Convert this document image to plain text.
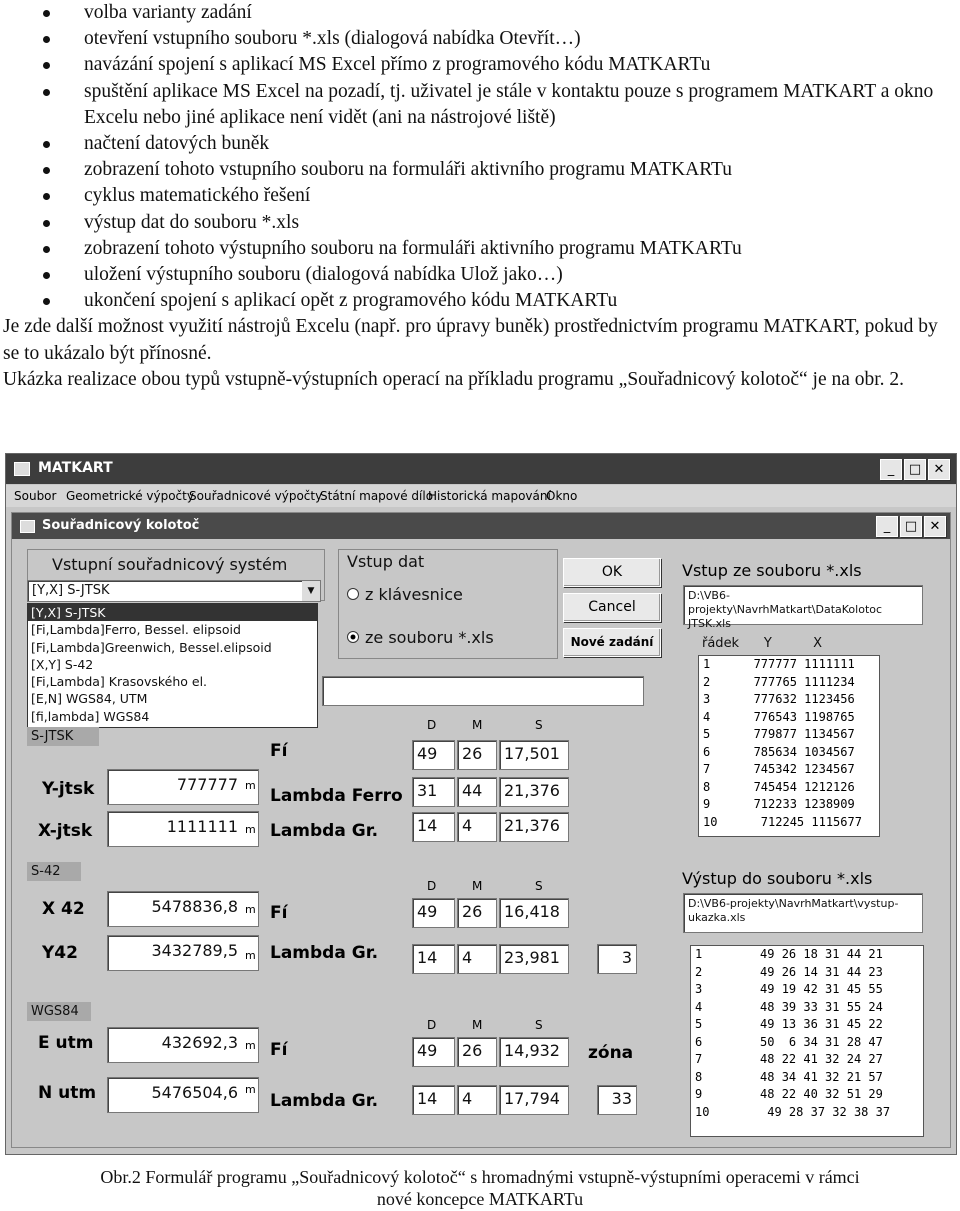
volba varianty zadání
otevření vstupního souboru *.xls (dialogová nabídka Otevřít…)
navázání spojení s aplikací MS Excel přímo z programového kódu MATKARTu
spuštění aplikace MS Excel na pozadí, tj. uživatel je stále v kontaktu pouze s programem MATKART a okno Excelu nebo jiné aplikace není vidět (ani na nástrojové liště)
načtení datových buněk
zobrazení tohoto vstupního souboru na formuláři aktivního programu MATKARTu
cyklus matematického řešení
výstup dat do souboru *.xls
zobrazení tohoto výstupního souboru na formuláři aktivního programu MATKARTu
uložení výstupního souboru (dialogová nabídka Ulož jako…)
ukončení spojení s aplikací opět z programového kódu MATKARTu
Je zde další možnost využití nástrojů Excelu (např. pro úpravy buněk) prostřednictvím programu MATKART, pokud by se to ukázalo být přínosné.
Ukázka realizace obou typů vstupně-výstupních operací na příkladu programu „Souřadnicový kolotoč“ je na obr. 2.
MATKART	_	□ ✕
Soubor Geometrické výpočty
Souřadnicové výpočty
Státní mapové dílo
Historická mapování
Okno
Souřadnicový kolotoč	_	□ ✕
Vstupní souřadnicový systém
[Y,X] S-JTSK	▼
[Y,X] S-JTSK
[Fi,Lambda]Ferro, Bessel. elipsoid
[Fi,Lambda]Greenwich, Bessel.elipsoid
[X,Y] S-42
[Fi,Lambda] Krasovského el.
[E,N] WGS84, UTM
[fi,lambda] WGS84
Vstup dat
z klávesnice
ze souboru *.xls
OK
Cancel
Nové zadání
Vstup ze souboru *.xls
D:\VB6-projekty\NavrhMatkart\DataKolotoc JTSK.xls
řádek      Y          X
1      777777 1111111
2      777765 1111234
3      777632 1123456
4      776543 1198765
5      779877 1134567
6      785634 1034567
7      745342 1234567
8      745454 1212126
9      712233 1238909
10      712245 1115677
Výstup do souboru *.xls
D:\VB6-projekty\NavrhMatkart\vystup-ukazka.xls
1        49 26 18 31 44 21
2        49 26 14 31 44 23
3        49 19 42 31 45 55
4        48 39 33 31 55 24
5        49 13 36 31 45 22
6        50  6 34 31 28 47
7        48 22 41 32 24 27
8        48 34 41 32 21 57
9        48 22 40 32 51 29
10        49 28 37 32 38 37
S-JTSK
Y-jtsk	777777 m
X-jtsk	1111111 m
D	M	S
Fí	49	26	17,501
Lambda Ferro 31	44	21,376
Lambda Gr.	14	4	21,376
S-42
X 42	5478836,8 m
Y42	3432789,5 m
D	M	S
Fí	49	26	16,418
Lambda Gr.	14	4	23,981	3
WGS84
E utm	432692,3 m
N utm	5476504,6 m
D	M	S
Fí	49	26	14,932	zóna
Lambda Gr.	14	4	17,794	33
Obr.2 Formulář programu „Souřadnicový kolotoč“ s hromadnými vstupně-výstupními operacemi v rámci
nové koncepce MATKARTu
